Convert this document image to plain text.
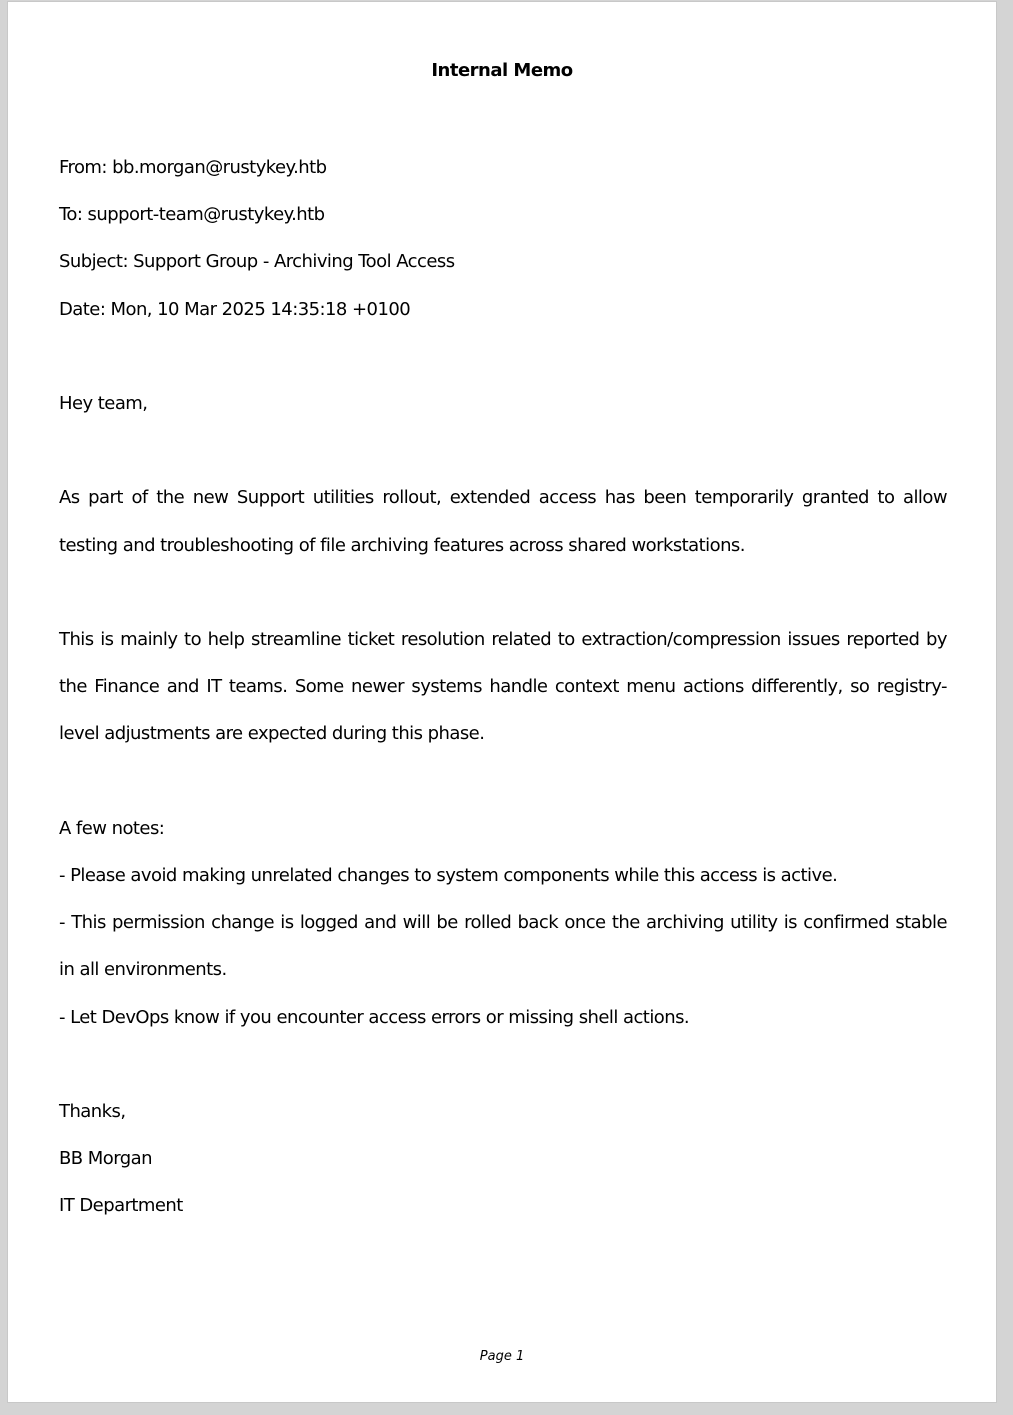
Internal Memo
From: bb.morgan@rustykey.htb
To: support-team@rustykey.htb
Subject: Support Group - Archiving Tool Access
Date: Mon, 10 Mar 2025 14:35:18 +0100
Hey team,
As part of the new Support utilities rollout, extended access has been temporarily granted to allow testing and troubleshooting of file archiving features across shared workstations.
This is mainly to help streamline ticket resolution related to extraction/compression issues reported by the Finance and IT teams. Some newer systems handle context menu actions differently, so registry-level adjustments are expected during this phase.
A few notes:
- Please avoid making unrelated changes to system components while this access is active.
- This permission change is logged and will be rolled back once the archiving utility is confirmed stable in all environments.
- Let DevOps know if you encounter access errors or missing shell actions.
Thanks,
BB Morgan
IT Department
Page 1
